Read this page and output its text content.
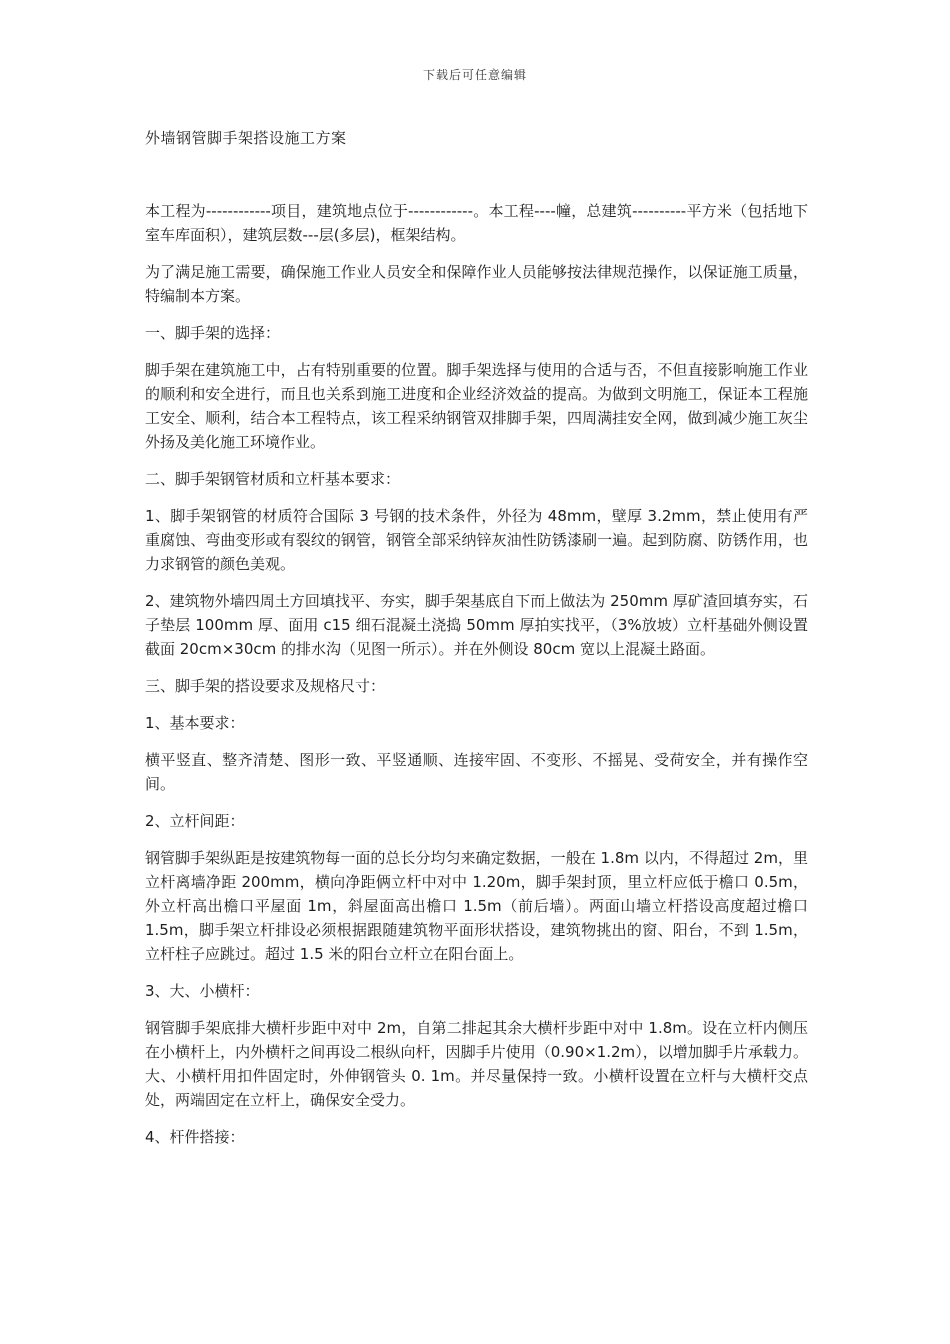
下载后可任意编辑
外墙钢管脚手架搭设施工方案

本工程为------------项目，建筑地点位于------------。本工程----幢，总建筑----------平方米（包括地下室车库面积），建筑层数---层(多层)，框架结构。

为了满足施工需要，确保施工作业人员安全和保障作业人员能够按法律规范操作，以保证施工质量，特编制本方案。

一、脚手架的选择：

脚手架在建筑施工中，占有特别重要的位置。脚手架选择与使用的合适与否，不但直接影响施工作业的顺利和安全进行，而且也关系到施工进度和企业经济效益的提高。为做到文明施工，保证本工程施工安全、顺利，结合本工程特点，该工程采纳钢管双排脚手架，四周满挂安全网，做到减少施工灰尘外扬及美化施工环境作业。

二、脚手架钢管材质和立杆基本要求：

1、脚手架钢管的材质符合国际 3 号钢的技术条件，外径为 48mm，壁厚 3.2mm，禁止使用有严重腐蚀、弯曲变形或有裂纹的钢管，钢管全部采纳锌灰油性防锈漆刷一遍。起到防腐、防锈作用，也力求钢管的颜色美观。

2、建筑物外墙四周土方回填找平、夯实，脚手架基底自下而上做法为 250mm 厚矿渣回填夯实，石子垫层 100mm 厚、面用 c15 细石混凝土浇捣 50mm 厚拍实找平，（3%放坡）立杆基础外侧设置截面 20cm×30cm 的排水沟（见图一所示）。并在外侧设 80cm 宽以上混凝土路面。

三、脚手架的搭设要求及规格尺寸：

1、基本要求：

横平竖直、整齐清楚、图形一致、平竖通顺、连接牢固、不变形、不摇晃、受荷安全，并有操作空间。

2、立杆间距：

钢管脚手架纵距是按建筑物每一面的总长分均匀来确定数据，一般在 1.8m 以内，不得超过 2m，里立杆离墙净距 200mm，横向净距俩立杆中对中 1.20m，脚手架封顶，里立杆应低于檐口 0.5m，外立杆高出檐口平屋面 1m，斜屋面高出檐口 1.5m（前后墙）。两面山墙立杆搭设高度超过檐口 1.5m，脚手架立杆排设必须根据跟随建筑物平面形状搭设，建筑物挑出的窗、阳台，不到 1.5m，立杆柱子应跳过。超过 1.5 米的阳台立杆立在阳台面上。

3、大、小横杆：

钢管脚手架底排大横杆步距中对中 2m，自第二排起其余大横杆步距中对中 1.8m。设在立杆内侧压在小横杆上，内外横杆之间再设二根纵向杆，因脚手片使用（0.90×1.2m），以增加脚手片承载力。大、小横杆用扣件固定时，外伸钢管头 0. 1m。并尽量保持一致。小横杆设置在立杆与大横杆交点处，两端固定在立杆上，确保安全受力。

4、杆件搭接：
